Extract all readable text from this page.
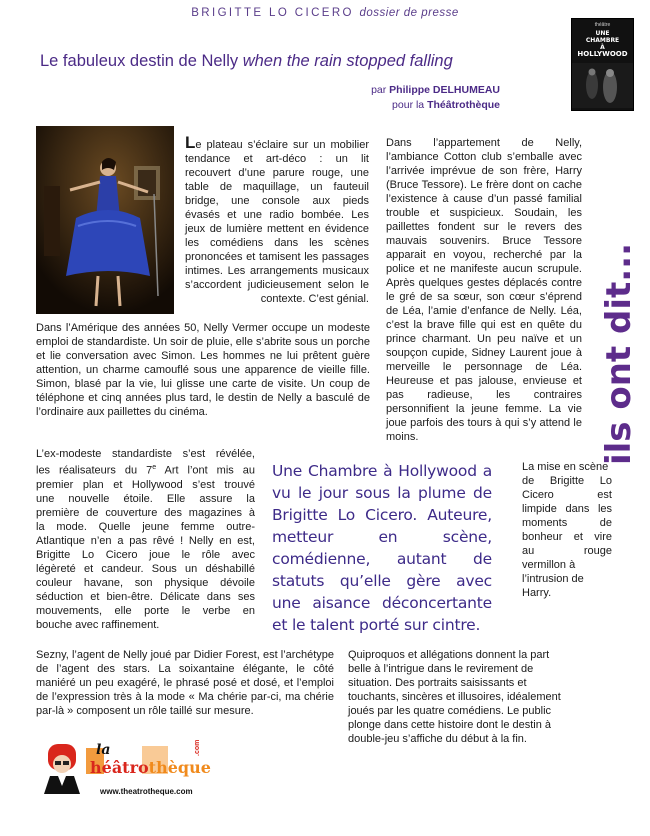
BRIGITTE LO CICERO dossier de presse
Le fabuleux destin de Nelly when the rain stopped falling
par Philippe DELHUMEAU
pour la Théâtrothèque
théâtre
UNE
CHAMBRE
À
HOLLYWOOD
ils ont dit...
Le plateau s’éclaire sur un mobilier
tendance et art-déco : un lit
recouvert d’une parure rouge, une
table de maquillage, un fauteuil
bridge, une console aux pieds
évasés et une radio bombée. Les
jeux de lumière mettent en évidence
les comédiens dans les scènes
prononcées et tamisent les passages
intimes. Les arrangements musicaux
s’accordent judicieusement selon le
contexte. C’est génial.

Dans l’Amérique des années 50, Nelly Vermer occupe un modeste emploi de standardiste. Un soir de pluie, elle s’abrite sous un porche et lie conversation avec Simon. Les hommes ne lui prêtent guère attention, un charme camouflé sous une apparence de vieille fille. Simon, blasé par la vie, lui glisse une carte de visite. Un coup de téléphone et cinq années plus tard, le destin de Nelly a basculé de l’ordinaire aux paillettes du cinéma.

Dans l’appartement de Nelly, l’ambiance Cotton club s’emballe avec l’arrivée imprévue de son frère, Harry (Bruce Tessore). Le frère dont on cache l’existence à cause d’un passé familial trouble et suspicieux. Soudain, les paillettes fondent sur le revers des mauvais souvenirs. Bruce Tessore apparait en voyou, recherché par la police et ne manifeste aucun scrupule. Après quelques gestes déplacés contre le gré de sa sœur, son cœur s’éprend de Léa, l’amie d’enfance de Nelly. Léa, c’est la brave fille qui est en quête du prince charmant. Un peu naïve et un soupçon cupide, Sidney Laurent joue à merveille le personnage de Léa. Heureuse et pas jalouse, envieuse et pas radieuse, les contraires personnifient la jeune femme. La vie joue parfois des tours à qui s’y attend le moins.

L’ex-modeste standardiste s’est révélée,
les réalisateurs du 7e Art l’ont mis au
premier plan et Hollywood s’est trouvé
une nouvelle étoile. Elle assure la
première de couverture des magazines à
la mode. Quelle jeune femme outre-
Atlantique n’en a pas rêvé ! Nelly en est,
Brigitte Lo Cicero joue le rôle avec
légèreté et candeur. Sous un déshabillé
couleur havane, son physique dévoile
séduction et bien-être. Délicate dans ses
mouvements, elle porte le verbe en
bouche avec raffinement.

Une Chambre à Hollywood a vu le jour sous la plume de Brigitte Lo Cicero. Auteure, metteur en scène, comédienne, autant de statuts qu’elle gère avec une aisance déconcertante et le talent porté sur cintre.

La mise en scène
de Brigitte Lo
Cicero est
limpide dans les
moments de
bonheur et vire
au rouge
vermillon à
l’intrusion de
Harry.

Sezny, l’agent de Nelly joué par Didier Forest, est l’archétype de l’agent des stars. La soixantaine élégante, le côté maniéré un peu exagéré, le phrasé posé et dosé, et l’emploi de l’expression très à la mode « Ma chérie par-ci, ma chérie par-là » composent un rôle taillé sur mesure.

Quiproquos et allégations donnent la part belle à l’intrigue dans le revirement de situation. Des portraits saisissants et touchants, sincères et illusoires, idéalement joués par les quatre comédiens. Le public plonge dans cette histoire dont le destin à double-jeu s’affiche du début à la fin.

la
héâtrothèque
.com
www.theatrotheque.com
